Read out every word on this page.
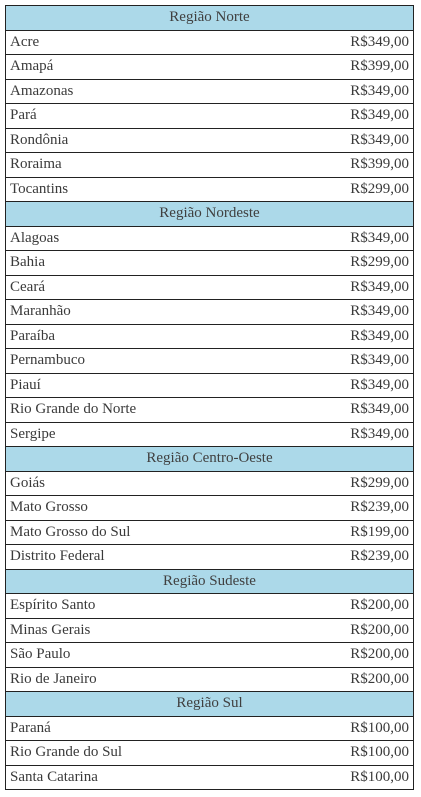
Região Norte	
Acre	R$349,00
Amapá	R$399,00
Amazonas	R$349,00
Pará	R$349,00
Rondônia	R$349,00
Roraima	R$399,00
Tocantins	R$299,00
Região Nordeste	
Alagoas	R$349,00
Bahia	R$299,00
Ceará	R$349,00
Maranhão	R$349,00
Paraíba	R$349,00
Pernambuco	R$349,00
Piauí	R$349,00
Rio Grande do Norte	R$349,00
Sergipe	R$349,00
Região Centro-Oeste	
Goiás	R$299,00
Mato Grosso	R$239,00
Mato Grosso do Sul	R$199,00
Distrito Federal	R$239,00
Região Sudeste	
Espírito Santo	R$200,00
Minas Gerais	R$200,00
São Paulo	R$200,00
Rio de Janeiro	R$200,00
Região Sul	
Paraná	R$100,00
Rio Grande do Sul	R$100,00
Santa Catarina	R$100,00
